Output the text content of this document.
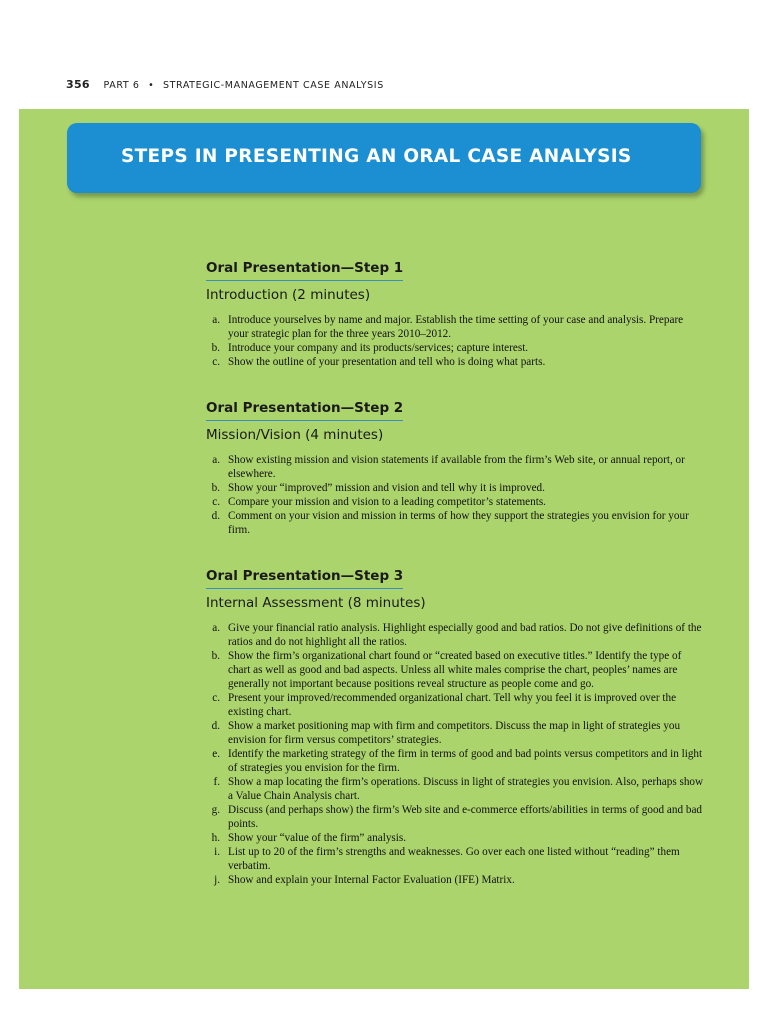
356 PART 6 • STRATEGIC-MANAGEMENT CASE ANALYSIS
STEPS IN PRESENTING AN ORAL CASE ANALYSIS
Oral Presentation—Step 1
Introduction (2 minutes)
a. Introduce yourselves by name and major. Establish the time setting of your case and analysis. Prepare your strategic plan for the three years 2010–2012.
b. Introduce your company and its products/services; capture interest.
c. Show the outline of your presentation and tell who is doing what parts.
Oral Presentation—Step 2
Mission/Vision (4 minutes)
a. Show existing mission and vision statements if available from the firm’s Web site, or annual report, or elsewhere.
b. Show your “improved” mission and vision and tell why it is improved.
c. Compare your mission and vision to a leading competitor’s statements.
d. Comment on your vision and mission in terms of how they support the strategies you envision for your firm.
Oral Presentation—Step 3
Internal Assessment (8 minutes)
a. Give your financial ratio analysis. Highlight especially good and bad ratios. Do not give definitions of the ratios and do not highlight all the ratios.
b. Show the firm’s organizational chart found or “created based on executive titles.” Identify the type of chart as well as good and bad aspects. Unless all white males comprise the chart, peoples’ names are generally not important because positions reveal structure as people come and go.
c. Present your improved/recommended organizational chart. Tell why you feel it is improved over the existing chart.
d. Show a market positioning map with firm and competitors. Discuss the map in light of strategies you envision for firm versus competitors’ strategies.
e. Identify the marketing strategy of the firm in terms of good and bad points versus competitors and in light of strategies you envision for the firm.
f. Show a map locating the firm’s operations. Discuss in light of strategies you envision. Also, perhaps show a Value Chain Analysis chart.
g. Discuss (and perhaps show) the firm’s Web site and e-commerce efforts/abilities in terms of good and bad points.
h. Show your “value of the firm” analysis.
i. List up to 20 of the firm’s strengths and weaknesses. Go over each one listed without “reading” them verbatim.
j. Show and explain your Internal Factor Evaluation (IFE) Matrix.
